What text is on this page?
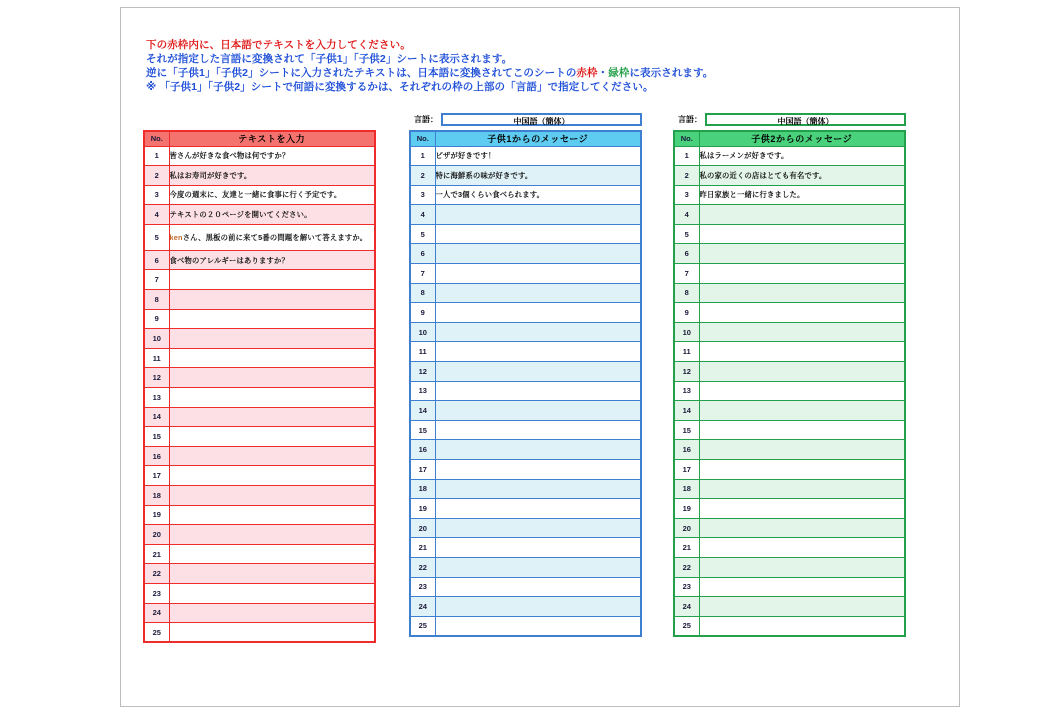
下の赤枠内に、日本語でテキストを入力してください。
それが指定した言語に変換されて「子供1」「子供2」シートに表示されます。
逆に「子供1」「子供2」シートに入力されたテキストは、日本語に変換されてこのシートの赤枠・緑枠に表示されます。
※ 「子供1」「子供2」シートで何語に変換するかは、それぞれの枠の上部の「言語」で指定してください。
No.	テキストを入力
1	皆さんが好きな食べ物は何ですか？
2	私はお寿司が好きです。
3	今度の週末に、友達と一緒に食事に行く予定です。
4	テキストの２０ページを開いてください。
5	kenさん、黒板の前に来て5番の問題を解いて答えますか。
6	食べ物のアレルギーはありますか？
7	
8	
9	
10	
11	
12	
13	
14	
15	
16	
17	
18	
19	
20	
21	
22	
23	
24	
25	
言語：	中国語（簡体）
No.	子供1からのメッセージ
1	ピザが好きです！
2	特に海鮮系の味が好きです。
3	一人で3個くらい食べられます。
4	
5	
6	
7	
8	
9	
10	
11	
12	
13	
14	
15	
16	
17	
18	
19	
20	
21	
22	
23	
24	
25	
言語：	中国語（簡体）
No.	子供2からのメッセージ
1	私はラーメンが好きです。
2	私の家の近くの店はとても有名です。
3	昨日家族と一緒に行きました。
4	
5	
6	
7	
8	
9	
10	
11	
12	
13	
14	
15	
16	
17	
18	
19	
20	
21	
22	
23	
24	
25	
